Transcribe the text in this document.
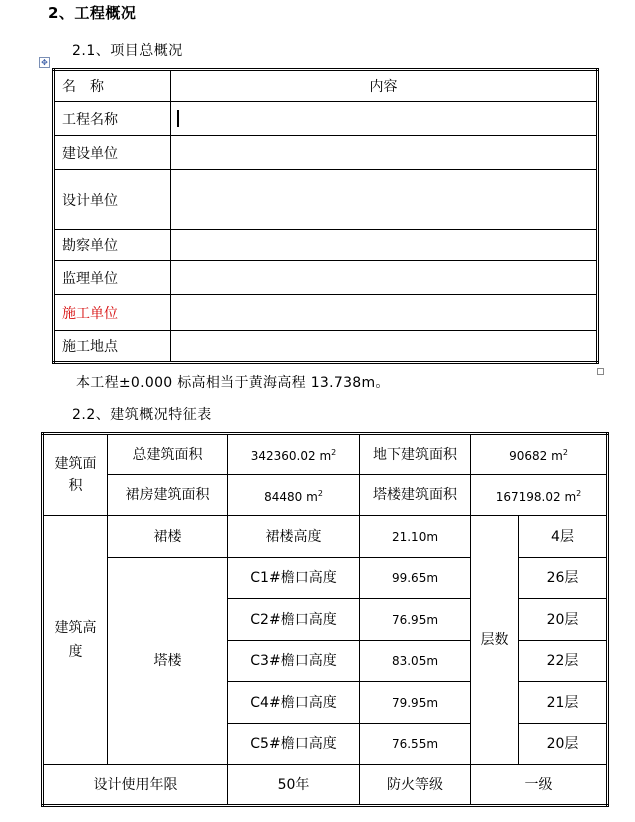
2、工程概况
2.1、项目总概况
✥
名　称	内容
工程名称	
建设单位	
设计单位	
勘察单位	
监理单位	
施工单位	
施工地点	
本工程±0.000 标高相当于黄海高程 13.738m。
2.2、建筑概况特征表
建筑面积	总建筑面积	342360.02 $m^2$	地下建筑面积	90682 $m^2$
	裙房建筑面积	84480 $m^2$	塔楼建筑面积	167198.02 $m^2$
建筑高度	裙楼	裙楼高度	21.10m	层数	4层
	塔楼	C1#檐口高度	99.65m		26层
		C2#檐口高度	76.95m		20层
		C3#檐口高度	83.05m		22层
		C4#檐口高度	79.95m		21层
		C5#檐口高度	76.55m		20层
设计使用年限		50年	防火等级	一级	
